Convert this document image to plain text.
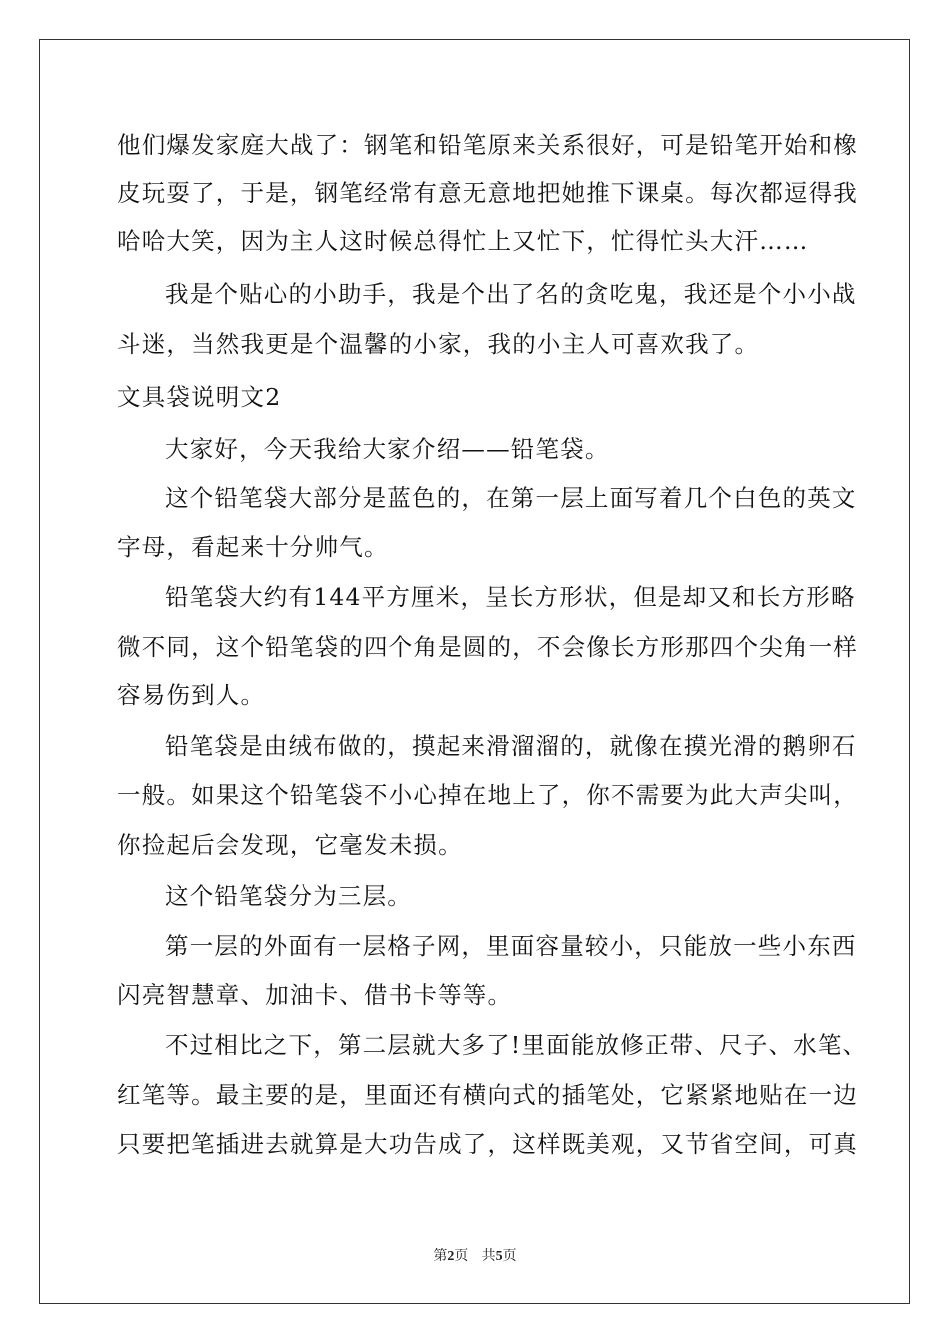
他们爆发家庭大战了：钢笔和铅笔原来关系很好，可是铅笔开始和橡
皮玩耍了，于是，钢笔经常有意无意地把她推下课桌。每次都逗得我
哈哈大笑，因为主人这时候总得忙上又忙下，忙得忙头大汗……
我是个贴心的小助手，我是个出了名的贪吃鬼，我还是个小小战
斗迷，当然我更是个温馨的小家，我的小主人可喜欢我了。
文具袋说明文2
大家好，今天我给大家介绍——铅笔袋。
这个铅笔袋大部分是蓝色的，在第一层上面写着几个白色的英文
字母，看起来十分帅气。
铅笔袋大约有144平方厘米，呈长方形状，但是却又和长方形略
微不同，这个铅笔袋的四个角是圆的，不会像长方形那四个尖角一样
容易伤到人。
铅笔袋是由绒布做的，摸起来滑溜溜的，就像在摸光滑的鹅卵石
一般。如果这个铅笔袋不小心掉在地上了，你不需要为此大声尖叫，
你捡起后会发现，它毫发未损。
这个铅笔袋分为三层。
第一层的外面有一层格子网，里面容量较小，只能放一些小东西
闪亮智慧章、加油卡、借书卡等等。
不过相比之下，第二层就大多了!里面能放修正带、尺子、水笔、
红笔等。最主要的是，里面还有横向式的插笔处，它紧紧地贴在一边
只要把笔插进去就算是大功告成了，这样既美观，又节省空间，可真
第2页 共5页
